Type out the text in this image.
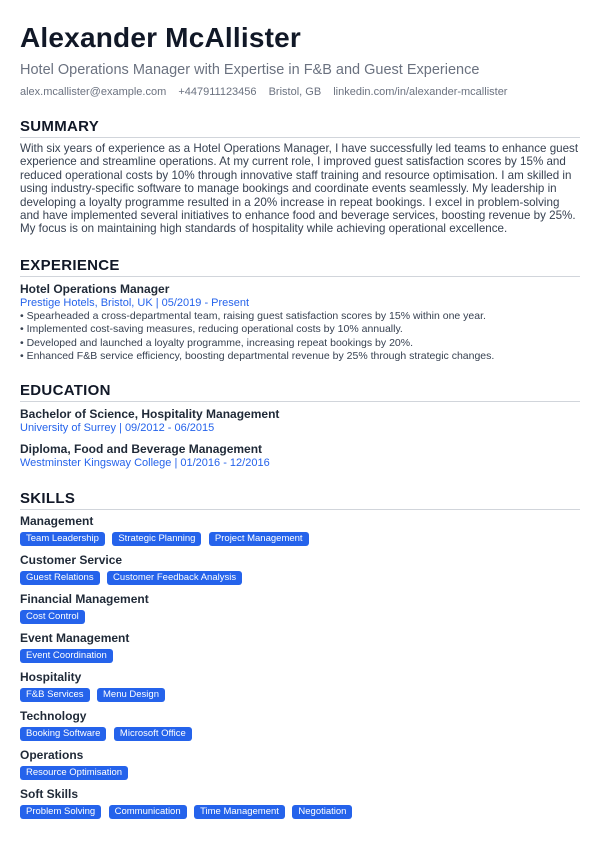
Alexander McAllister
Hotel Operations Manager with Expertise in F&B and Guest Experience
alex.mcallister@example.com +447911123456 Bristol, GB linkedin.com/in/alexander-mcallister
SUMMARY
With six years of experience as a Hotel Operations Manager, I have successfully led teams to enhance guest experience and streamline operations. At my current role, I improved guest satisfaction scores by 15% and reduced operational costs by 10% through innovative staff training and resource optimisation. I am skilled in using industry-specific software to manage bookings and coordinate events seamlessly. My leadership in developing a loyalty programme resulted in a 20% increase in repeat bookings. I excel in problem-solving and have implemented several initiatives to enhance food and beverage services, boosting revenue by 25%. My focus is on maintaining high standards of hospitality while achieving operational excellence.
EXPERIENCE
Hotel Operations Manager
Prestige Hotels, Bristol, UK | 05/2019 - Present
• Spearheaded a cross-departmental team, raising guest satisfaction scores by 15% within one year.
• Implemented cost-saving measures, reducing operational costs by 10% annually.
• Developed and launched a loyalty programme, increasing repeat bookings by 20%.
• Enhanced F&B service efficiency, boosting departmental revenue by 25% through strategic changes.
EDUCATION
Bachelor of Science, Hospitality Management
University of Surrey | 09/2012 - 06/2015
Diploma, Food and Beverage Management
Westminster Kingsway College | 01/2016 - 12/2016
SKILLS
Management
Team Leadership Strategic Planning Project Management
Customer Service
Guest Relations Customer Feedback Analysis
Financial Management
Cost Control
Event Management
Event Coordination
Hospitality
F&B Services Menu Design
Technology
Booking Software Microsoft Office
Operations
Resource Optimisation
Soft Skills
Problem Solving Communication Time Management Negotiation
